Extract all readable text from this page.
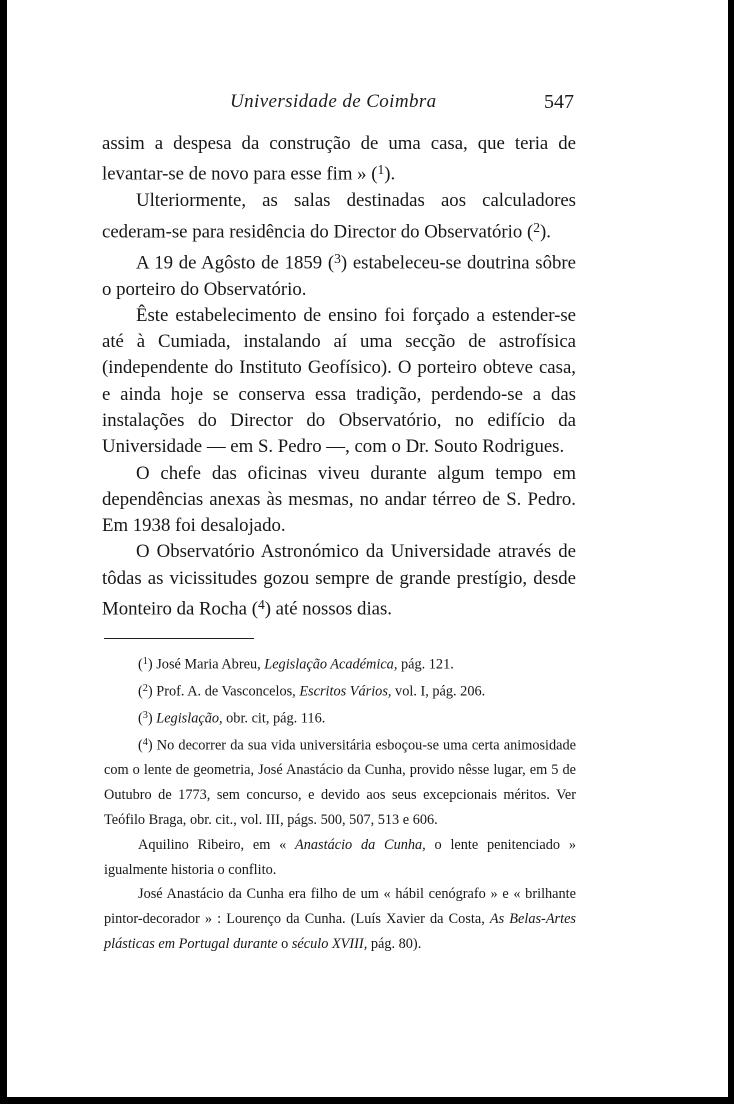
Universidade de Coimbra	547

assim a despesa da construção de uma casa, que teria de levantar-se de novo para esse fim » ($^1$).

Ulteriormente, as salas destinadas aos calculadores cederam-se para residência do Director do Observatório ($^2$).

A 19 de Agôsto de 1859 ($^3$) estabeleceu-se doutrina sôbre o porteiro do Observatório.

Êste estabelecimento de ensino foi forçado a estender-se até à Cumiada, instalando aí uma secção de astrofísica (independente do Instituto Geofísico). O porteiro obteve casa, e ainda hoje se conserva essa tradição, perdendo-se a das instalações do Director do Observatório, no edifício da Universidade — em S. Pedro —, com o Dr. Souto Rodrigues.

O chefe das oficinas viveu durante algum tempo em dependências anexas às mesmas, no andar térreo de S. Pedro. Em 1938 foi desalojado.

O Observatório Astronómico da Universidade através de tôdas as vicissitudes gozou sempre de grande prestígio, desde Monteiro da Rocha ($^4$) até nossos dias.

($^1$) José Maria Abreu, Legislação Académica, pág. 121.

($^2$) Prof. A. de Vasconcelos, Escritos Vários, vol. I, pág. 206.

($^3$) Legislação, obr. cit, pág. 116.

($^4$) No decorrer da sua vida universitária esboçou-se uma certa animosidade com o lente de geometria, José Anastácio da Cunha, provido nêsse lugar, em 5 de Outubro de 1773, sem concurso, e devido aos seus excepcionais méritos. Ver Teófilo Braga, obr. cit., vol. III, págs. 500, 507, 513 e 606.

Aquilino Ribeiro, em « Anastácio da Cunha, o lente penitenciado » igualmente historia o conflito.

José Anastácio da Cunha era filho de um « hábil cenógrafo » e « brilhante pintor-decorador » : Lourenço da Cunha. (Luís Xavier da Costa, As Belas-Artes plásticas em Portugal durante o século XVIII, pág. 80).
